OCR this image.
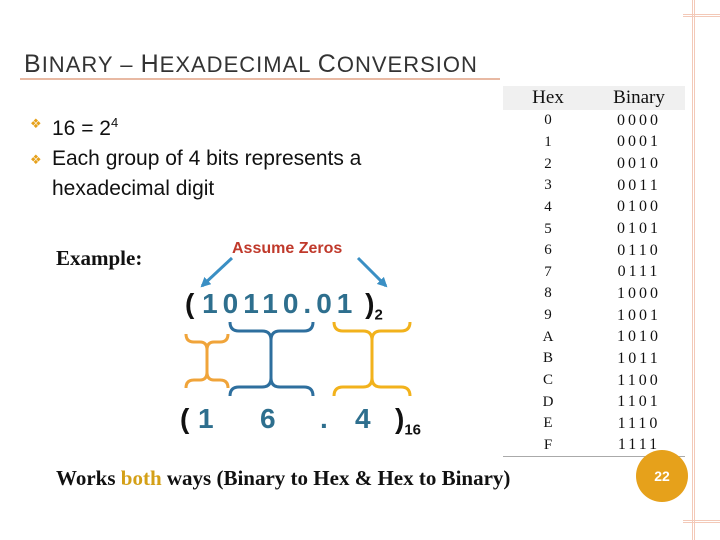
BINARY – HEXADECIMAL CONVERSION
❖ $16 = 2^4$
❖ Each group of 4 bits represents a hexadecimal digit
Example:	Assume Zeros
( 10110.01 )$_2$
( 1 6 . 4 )$_{16}$
Works both ways (Binary to Hex & Hex to Binary)
Hex	Binary
0	0000
1	0001
2	0010
3	0011
4	0100
5	0101
6	0110
7	0111
8	1000
9	1001
A	1010
B	1011
C	1100
D	1101
E	1110
F	1111
22
